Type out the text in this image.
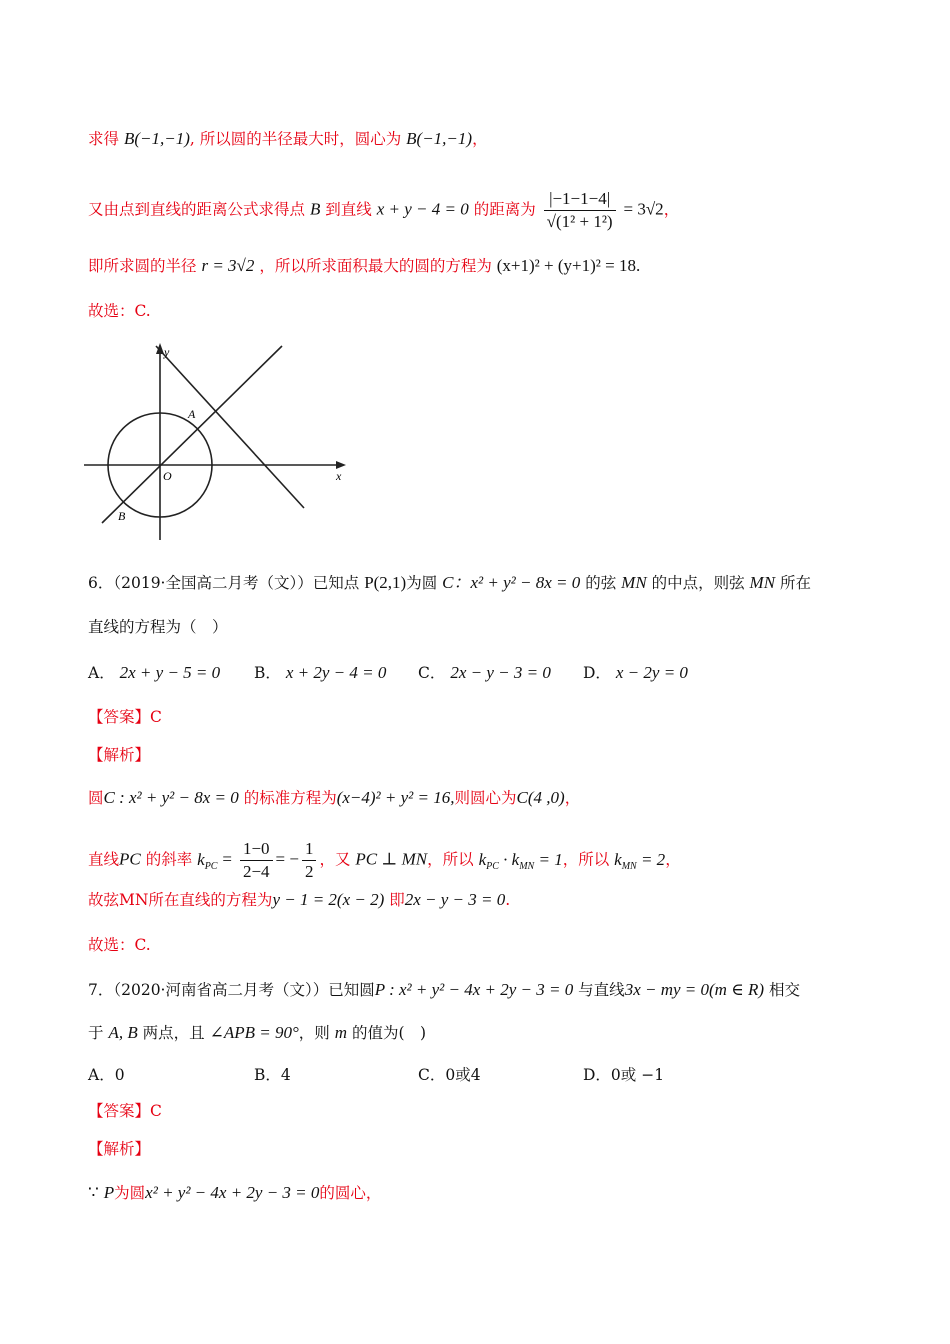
求得 B(−1,−1), 所以圆的半径最大时，圆心为 B(−1,−1)，
又由点到直线的距离公式求得点 B 到直线 x + y − 4 = 0 的距离为 $\frac{|-1-1-4|}{\text{√(1² + 1²)}} = 3√2$，
即所求圆的半径 r = 3√2 ，所以所求面积最大的圆的方程为 (x+1)² + (y+1)² = 18.
故选：C.
y
x
O
A
B
6．（2019·全国高二月考（文））已知点 P(2,1)为圆 C：x² + y² − 8x = 0 的弦 MN 的中点，则弦 MN 所在
直线的方程为（　）
A． 2x + y − 5 = 0 B． x + 2y − 4 = 0 C． 2x − y − 3 = 0 D． x − 2y = 0
【答案】C
【解析】
圆C : x² + y² − 8x = 0 的标准方程为(x−4)² + y² = 16,则圆心为C(4 ,0)，
直线PC 的斜率 $k_{PC} = \frac{1-0}{2-4}$ = − $\frac{1}{2}$ ，又 PC ⊥ MN，所以 $k_{PC} \cdot k_{MN} = 1$，所以 $k_{MN} = 2$，
故弦MN所在直线的方程为y − 1 = 2(x − 2) 即2x − y − 3 = 0.
故选：C.
7．（2020·河南省高二月考（文））已知圆P : x² + y² − 4x + 2y − 3 = 0 与直线3x − my = 0(m ∈ R) 相交
于 A, B 两点，且 ∠APB = 90°，则 m 的值为(　)
A．0	B．4	C．0或4	D．0或 −1
【答案】C
【解析】
∵ P为圆x² + y² − 4x + 2y − 3 = 0的圆心，
